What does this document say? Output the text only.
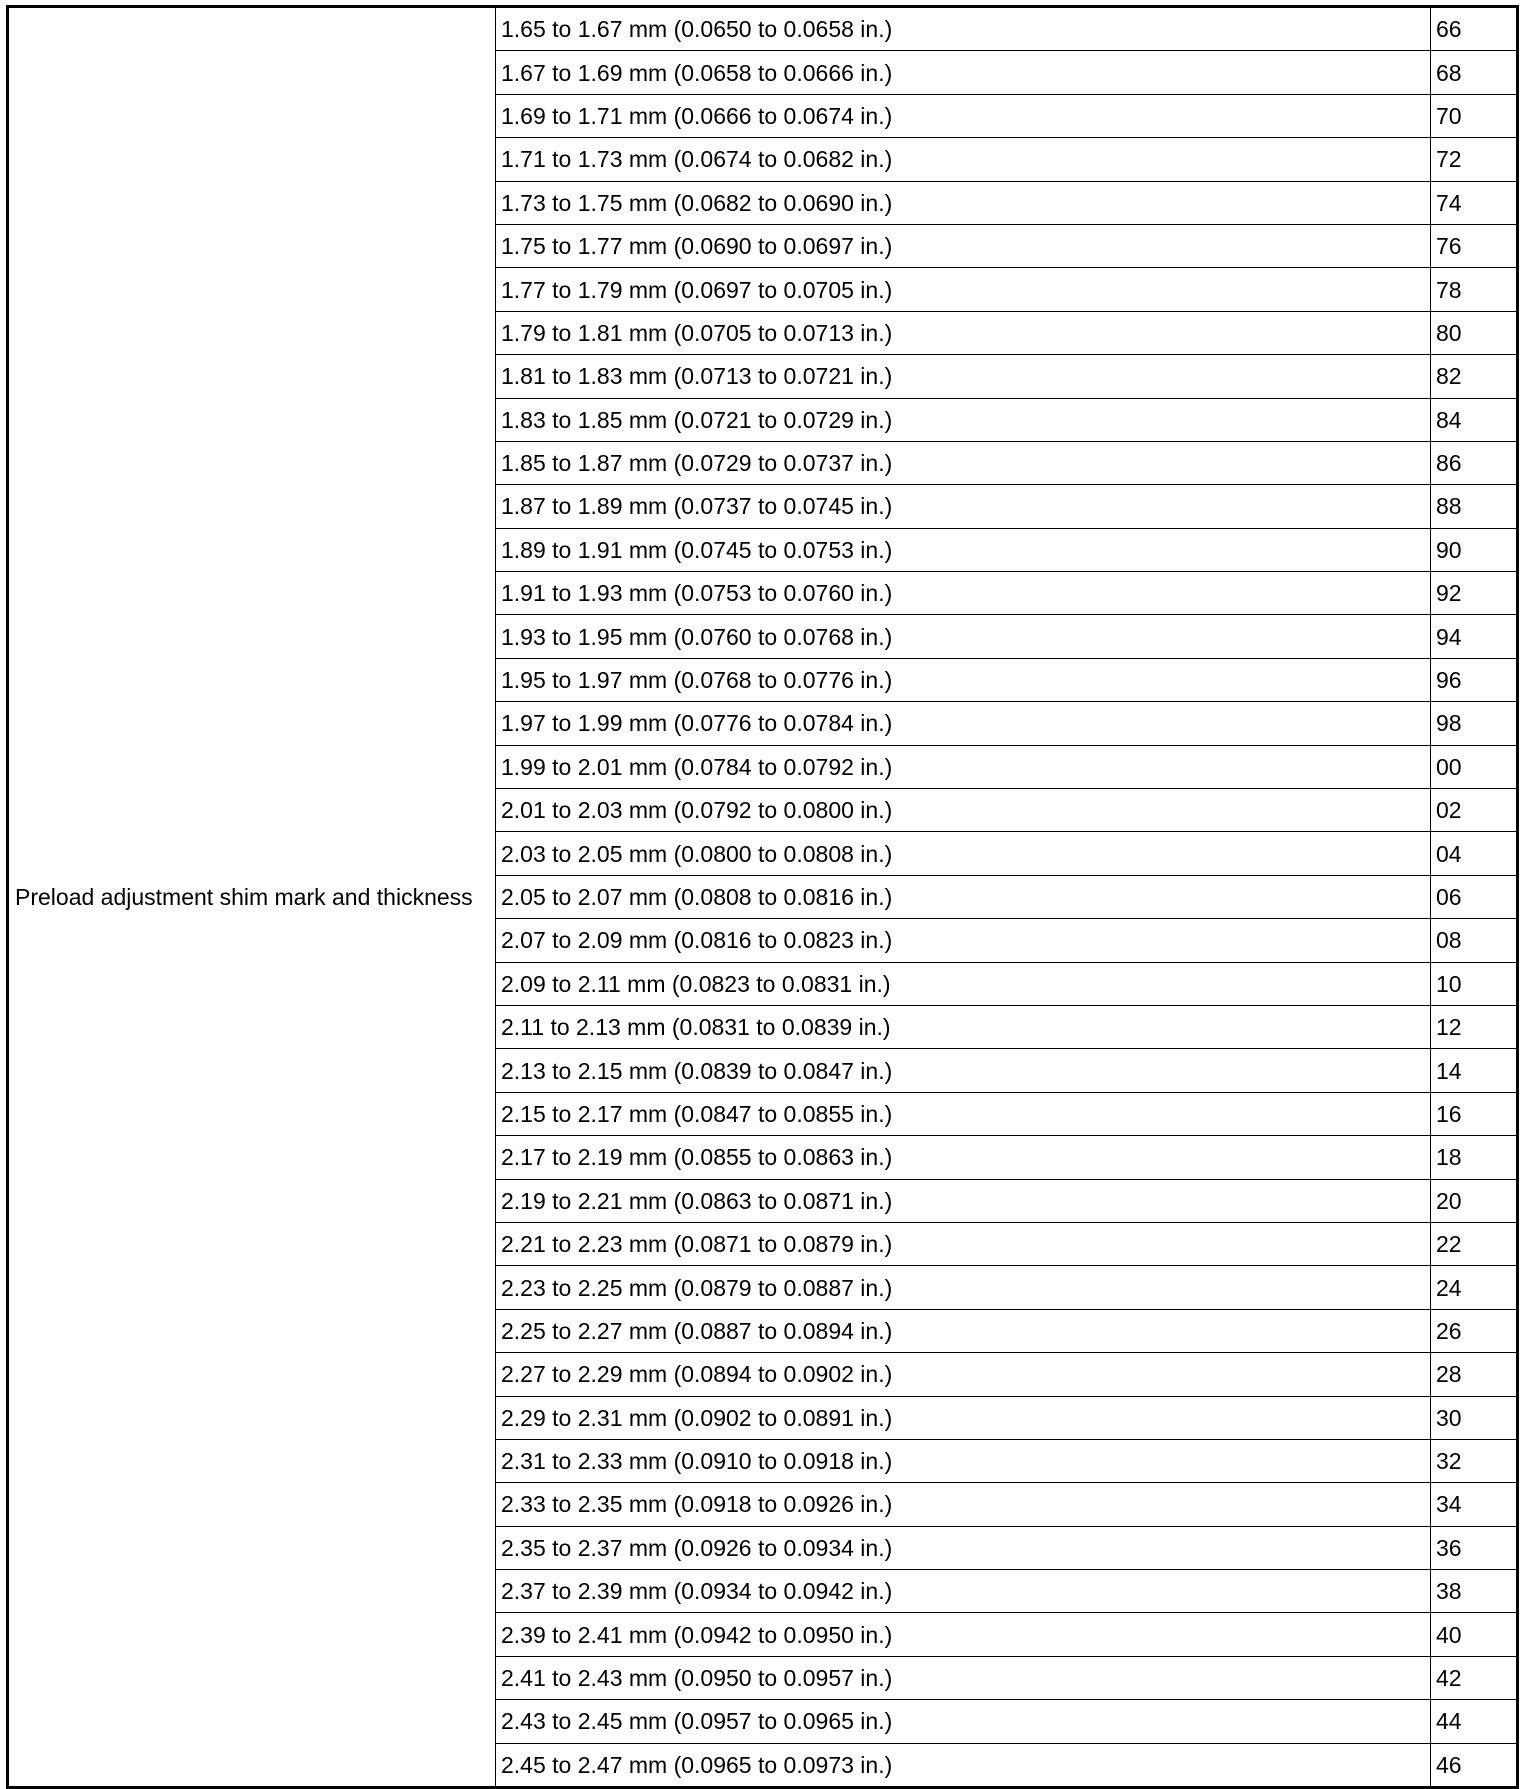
Preload adjustment shim mark and thickness	1.65 to 1.67 mm (0.0650 to 0.0658 in.)	66
	1.67 to 1.69 mm (0.0658 to 0.0666 in.)	68
	1.69 to 1.71 mm (0.0666 to 0.0674 in.)	70
	1.71 to 1.73 mm (0.0674 to 0.0682 in.)	72
	1.73 to 1.75 mm (0.0682 to 0.0690 in.)	74
	1.75 to 1.77 mm (0.0690 to 0.0697 in.)	76
	1.77 to 1.79 mm (0.0697 to 0.0705 in.)	78
	1.79 to 1.81 mm (0.0705 to 0.0713 in.)	80
	1.81 to 1.83 mm (0.0713 to 0.0721 in.)	82
	1.83 to 1.85 mm (0.0721 to 0.0729 in.)	84
	1.85 to 1.87 mm (0.0729 to 0.0737 in.)	86
	1.87 to 1.89 mm (0.0737 to 0.0745 in.)	88
	1.89 to 1.91 mm (0.0745 to 0.0753 in.)	90
	1.91 to 1.93 mm (0.0753 to 0.0760 in.)	92
	1.93 to 1.95 mm (0.0760 to 0.0768 in.)	94
	1.95 to 1.97 mm (0.0768 to 0.0776 in.)	96
	1.97 to 1.99 mm (0.0776 to 0.0784 in.)	98
	1.99 to 2.01 mm (0.0784 to 0.0792 in.)	00
	2.01 to 2.03 mm (0.0792 to 0.0800 in.)	02
	2.03 to 2.05 mm (0.0800 to 0.0808 in.)	04
	2.05 to 2.07 mm (0.0808 to 0.0816 in.)	06
	2.07 to 2.09 mm (0.0816 to 0.0823 in.)	08
	2.09 to 2.11 mm (0.0823 to 0.0831 in.)	10
	2.11 to 2.13 mm (0.0831 to 0.0839 in.)	12
	2.13 to 2.15 mm (0.0839 to 0.0847 in.)	14
	2.15 to 2.17 mm (0.0847 to 0.0855 in.)	16
	2.17 to 2.19 mm (0.0855 to 0.0863 in.)	18
	2.19 to 2.21 mm (0.0863 to 0.0871 in.)	20
	2.21 to 2.23 mm (0.0871 to 0.0879 in.)	22
	2.23 to 2.25 mm (0.0879 to 0.0887 in.)	24
	2.25 to 2.27 mm (0.0887 to 0.0894 in.)	26
	2.27 to 2.29 mm (0.0894 to 0.0902 in.)	28
	2.29 to 2.31 mm (0.0902 to 0.0891 in.)	30
	2.31 to 2.33 mm (0.0910 to 0.0918 in.)	32
	2.33 to 2.35 mm (0.0918 to 0.0926 in.)	34
	2.35 to 2.37 mm (0.0926 to 0.0934 in.)	36
	2.37 to 2.39 mm (0.0934 to 0.0942 in.)	38
	2.39 to 2.41 mm (0.0942 to 0.0950 in.)	40
	2.41 to 2.43 mm (0.0950 to 0.0957 in.)	42
	2.43 to 2.45 mm (0.0957 to 0.0965 in.)	44
	2.45 to 2.47 mm (0.0965 to 0.0973 in.)	46
